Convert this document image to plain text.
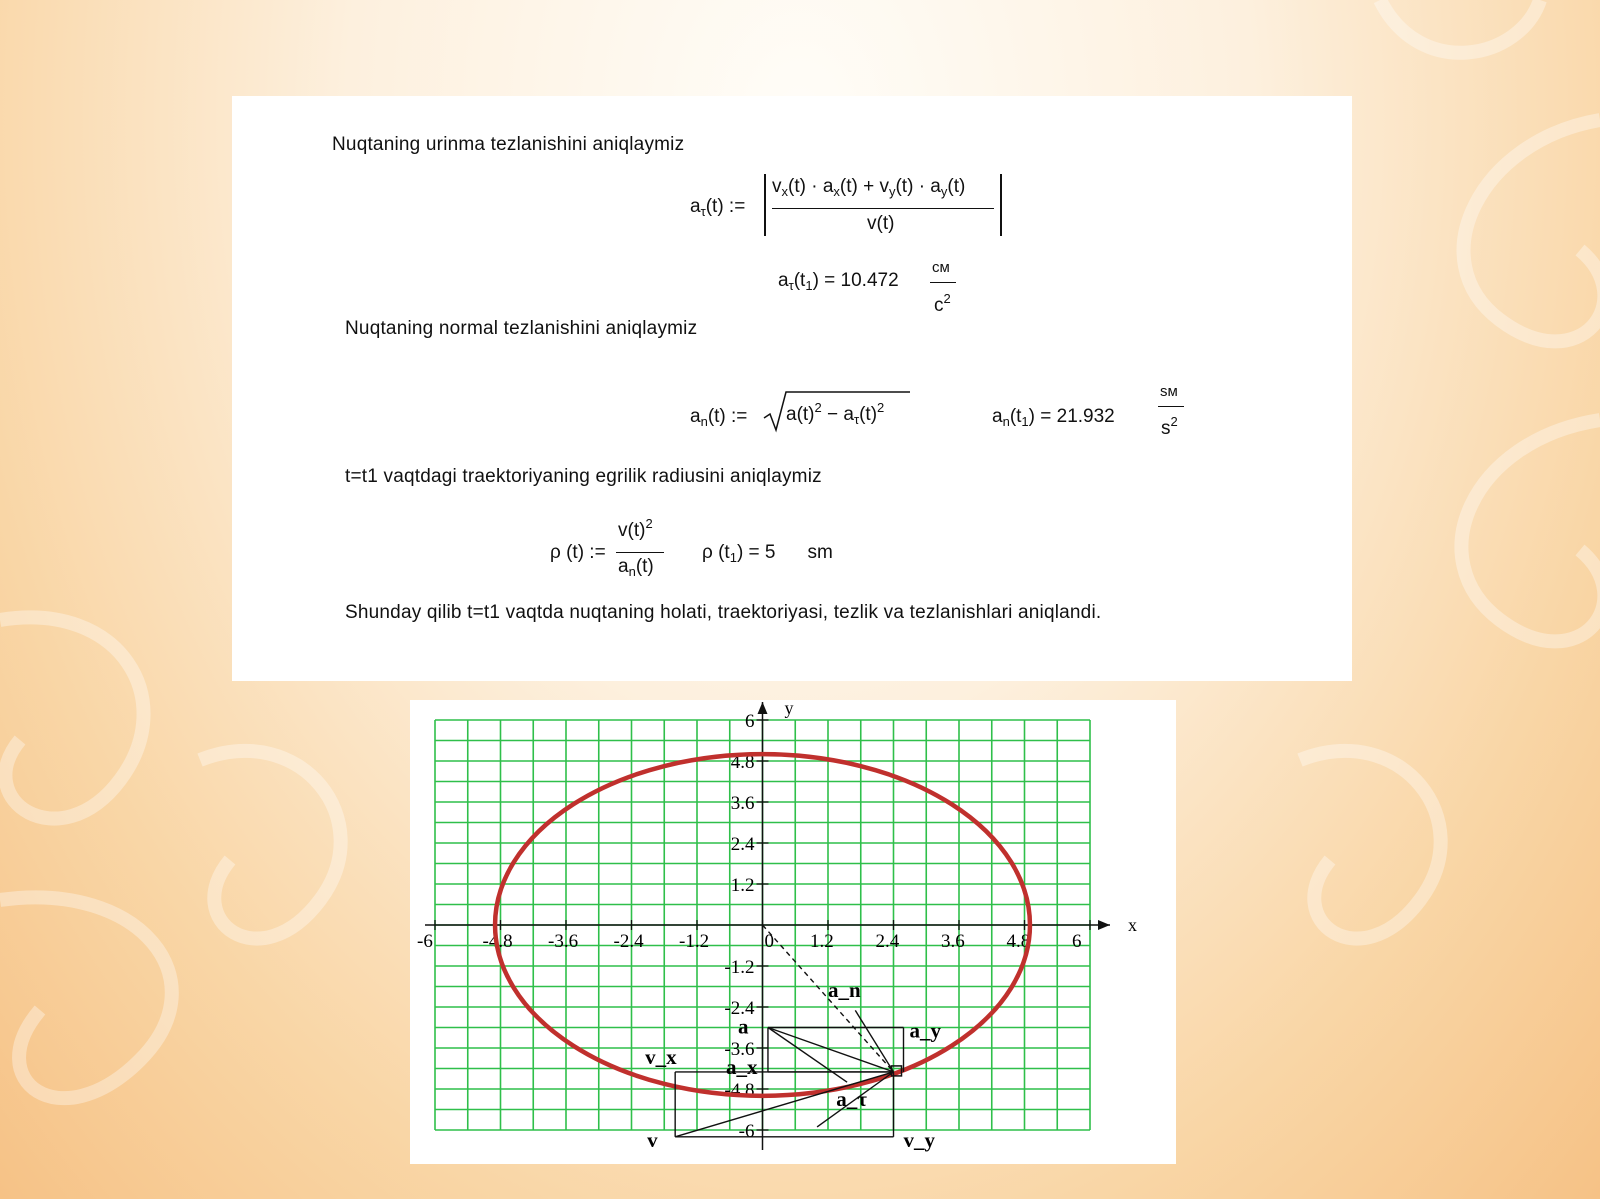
Nuqtaning urinma tezlanishini aniqlaymiz
$a_\tau(t)$ :=
$v_x(t) \cdot a_x(t) + v_y(t) \cdot a_y(t)$
v(t)
$a_\tau(t_1) = 10.472$
см
$с^2$
Nuqtaning normal tezlanishini aniqlaymiz
$a_n(t)$ := $a(t)^2 - a_\tau(t)^2$	$a_n(t_1) = 21.932$
sм
$s^2$
t=t1 vaqtdagi traektoriyaning egrilik radiusini aniqlaymiz
ρ (t) :=
$v(t)^2$
$a_n(t)$
ρ $(t_1) = 5$ sm
Shunday qilib t=t1 vaqtda nuqtaning holati, traektoriyasi, tezlik va tezlanishlari aniqlandi.
x
y
-6	-4.8 -3.6 -2.4 -1.2	0 1.2 2.4 3.6 4.8 6
6
4.8
3.6
2.4
1.2
-1.2
-2.4
-3.6
-4.8
-6
a_n
a	a_y
v_x a_x
a_τ
v	v_y
